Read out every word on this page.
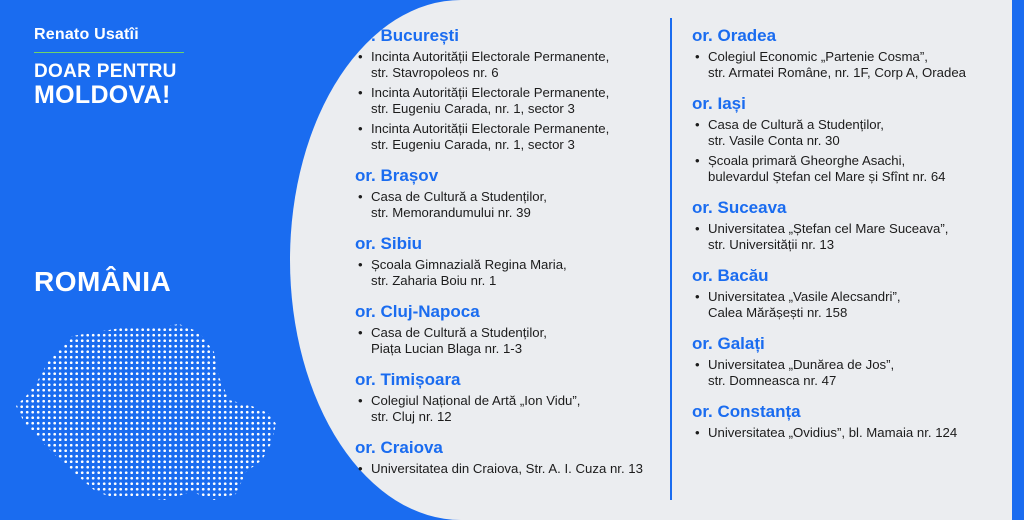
Renato Usatîi
DOAR PENTRU
MOLDOVA!
ROMÂNIA
or. București
• Incinta Autorității Electorale Permanente,
str. Stavropoleos nr. 6
• Incinta Autorității Electorale Permanente,
str. Eugeniu Carada, nr. 1, sector 3
• Incinta Autorității Electorale Permanente,
str. Eugeniu Carada, nr. 1, sector 3
or. Brașov
• Casa de Cultură a Studenților,
str. Memorandumului nr. 39
or. Sibiu
• Școala Gimnazială Regina Maria,
str. Zaharia Boiu nr. 1
or. Cluj-Napoca
• Casa de Cultură a Studenților,
Piața Lucian Blaga nr. 1-3
or. Timișoara
• Colegiul Național de Artă „Ion Vidu”,
str. Cluj nr. 12
or. Craiova
• Universitatea din Craiova, Str. A. I. Cuza nr. 13
or. Oradea
• Colegiul Economic „Partenie Cosma”,
str. Armatei Române, nr. 1F, Corp A, Oradea
or. Iași
• Casa de Cultură a Studenților,
str. Vasile Conta nr. 30
• Școala primară Gheorghe Asachi,
bulevardul Ștefan cel Mare și Sfînt nr. 64
or. Suceava
• Universitatea „Ștefan cel Mare Suceava”,
str. Universității nr. 13
or. Bacău
• Universitatea „Vasile Alecsandri”,
Calea Mărășești nr. 158
or. Galați
• Universitatea „Dunărea de Jos”,
str. Domneasca nr. 47
or. Constanța
• Universitatea „Ovidius”, bl. Mamaia nr. 124
